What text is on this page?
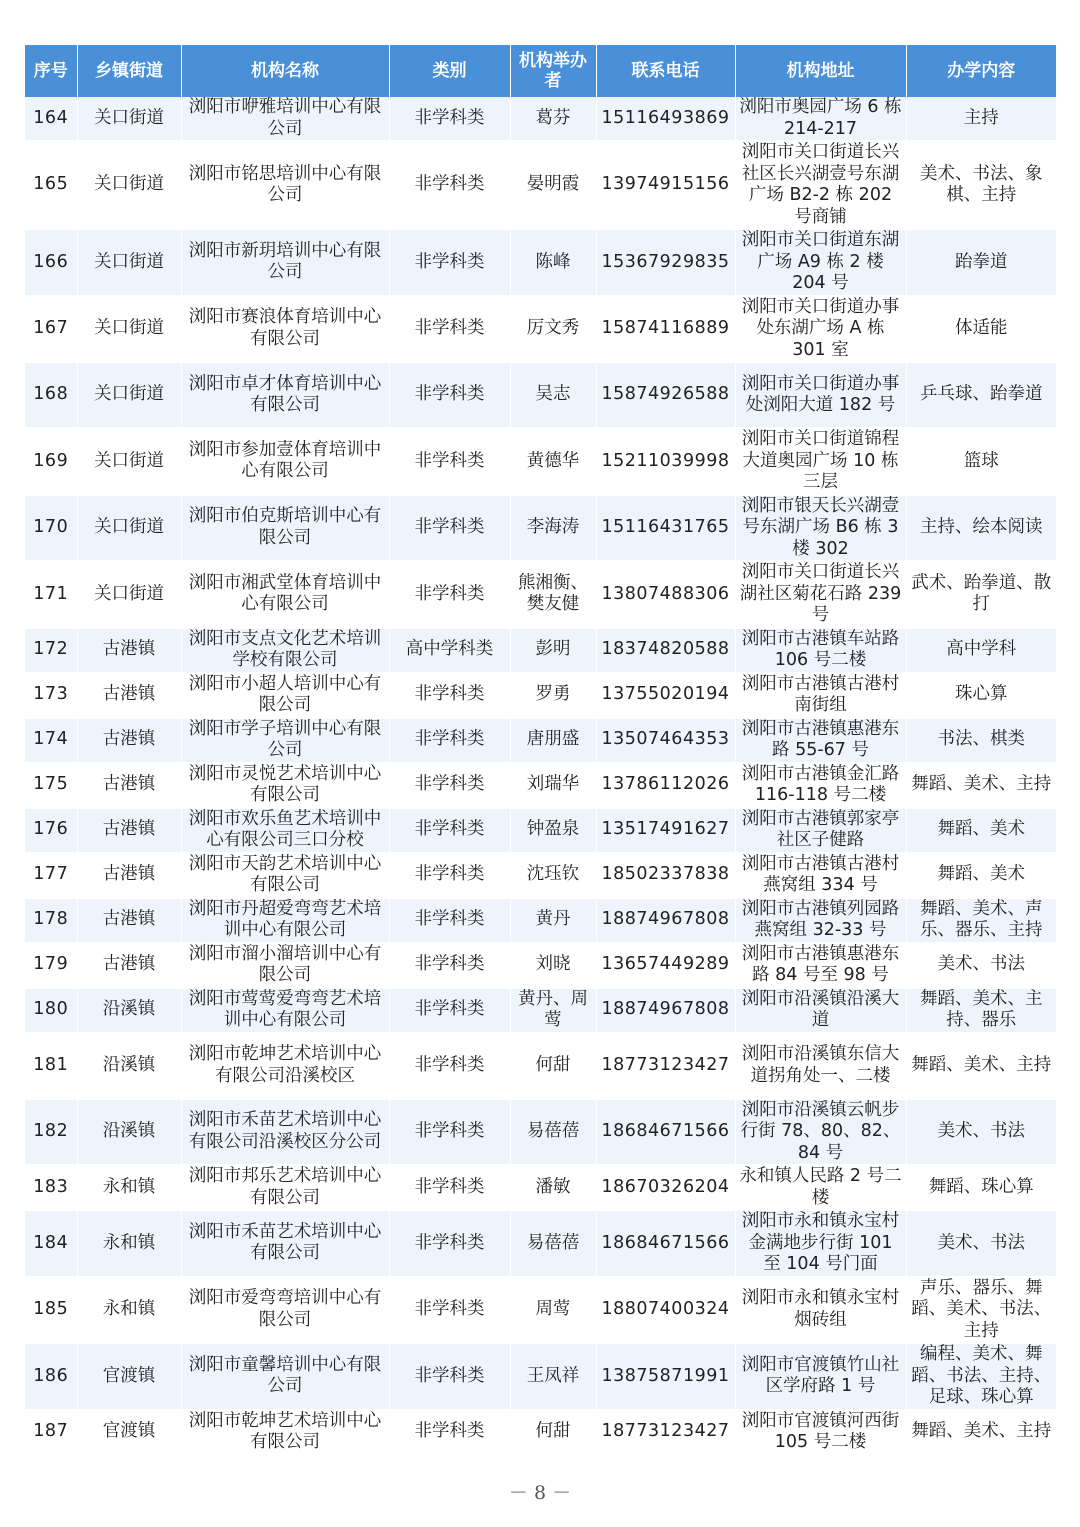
序号	乡镇街道	机构名称	类别	机构举办者	联系电话	机构地址	办学内容
164	关口街道	浏阳市咿雅培训中心有限公司	非学科类	葛芬	15116493869	浏阳市奥园广场 6 栋 214-217	主持
165	关口街道	浏阳市铭思培训中心有限公司	非学科类	晏明霞	13974915156	浏阳市关口街道长兴社区长兴湖壹号东湖广场 B2-2 栋 202 号商铺	美术、书法、象棋、主持
166	关口街道	浏阳市新玥培训中心有限公司	非学科类	陈峰	15367929835	浏阳市关口街道东湖广场 A9 栋 2 楼 204 号	跆拳道
167	关口街道	浏阳市赛浪体育培训中心有限公司	非学科类	厉文秀	15874116889	浏阳市关口街道办事处东湖广场 A 栋 301 室	体适能
168	关口街道	浏阳市卓才体育培训中心有限公司	非学科类	吴志	15874926588	浏阳市关口街道办事处浏阳大道 182 号	乒乓球、跆拳道
169	关口街道	浏阳市参加壹体育培训中心有限公司	非学科类	黄德华	15211039998	浏阳市关口街道锦程大道奥园广场 10 栋三层	篮球
170	关口街道	浏阳市伯克斯培训中心有限公司	非学科类	李海涛	15116431765	浏阳市银天长兴湖壹号东湖广场 B6 栋 3 楼 302	主持、绘本阅读
171	关口街道	浏阳市湘武堂体育培训中心有限公司	非学科类	熊湘衡、樊友健	13807488306	浏阳市关口街道长兴湖社区菊花石路 239 号	武术、跆拳道、散打
172	古港镇	浏阳市支点文化艺术培训学校有限公司	高中学科类	彭明	18374820588	浏阳市古港镇车站路 106 号二楼	高中学科
173	古港镇	浏阳市小超人培训中心有限公司	非学科类	罗勇	13755020194	浏阳市古港镇古港村南街组	珠心算
174	古港镇	浏阳市学子培训中心有限公司	非学科类	唐朋盛	13507464353	浏阳市古港镇惠港东路 55-67 号	书法、棋类
175	古港镇	浏阳市灵悦艺术培训中心有限公司	非学科类	刘瑞华	13786112026	浏阳市古港镇金汇路 116-118 号二楼	舞蹈、美术、主持
176	古港镇	浏阳市欢乐鱼艺术培训中心有限公司三口分校	非学科类	钟盈泉	13517491627	浏阳市古港镇郭家亭社区子健路	舞蹈、美术
177	古港镇	浏阳市天韵艺术培训中心有限公司	非学科类	沈珏钦	18502337838	浏阳市古港镇古港村燕窝组 334 号	舞蹈、美术
178	古港镇	浏阳市丹超爱弯弯艺术培训中心有限公司	非学科类	黄丹	18874967808	浏阳市古港镇列园路燕窝组 32-33 号	舞蹈、美术、声乐、器乐、主持
179	古港镇	浏阳市溜小溜培训中心有限公司	非学科类	刘晓	13657449289	浏阳市古港镇惠港东路 84 号至 98 号	美术、书法
180	沿溪镇	浏阳市莺莺爱弯弯艺术培训中心有限公司	非学科类	黄丹、周莺	18874967808	浏阳市沿溪镇沿溪大道	舞蹈、美术、主持、器乐
181	沿溪镇	浏阳市乾坤艺术培训中心有限公司沿溪校区	非学科类	何甜	18773123427	浏阳市沿溪镇东信大道拐角处一、二楼	舞蹈、美术、主持
182	沿溪镇	浏阳市禾苗艺术培训中心有限公司沿溪校区分公司	非学科类	易蓓蓓	18684671566	浏阳市沿溪镇云帆步行街 78、80、82、84 号	美术、书法
183	永和镇	浏阳市邦乐艺术培训中心有限公司	非学科类	潘敏	18670326204	永和镇人民路 2 号二楼	舞蹈、珠心算
184	永和镇	浏阳市禾苗艺术培训中心有限公司	非学科类	易蓓蓓	18684671566	浏阳市永和镇永宝村金满地步行街 101 至 104 号门面	美术、书法
185	永和镇	浏阳市爱弯弯培训中心有限公司	非学科类	周莺	18807400324	浏阳市永和镇永宝村烟砖组	声乐、器乐、舞蹈、美术、书法、主持
186	官渡镇	浏阳市童馨培训中心有限公司	非学科类	王凤祥	13875871991	浏阳市官渡镇竹山社区学府路 1 号	编程、美术、舞蹈、书法、主持、足球、珠心算
187	官渡镇	浏阳市乾坤艺术培训中心有限公司	非学科类	何甜	18773123427	浏阳市官渡镇河西街 105 号二楼	舞蹈、美术、主持
－ 8 －
